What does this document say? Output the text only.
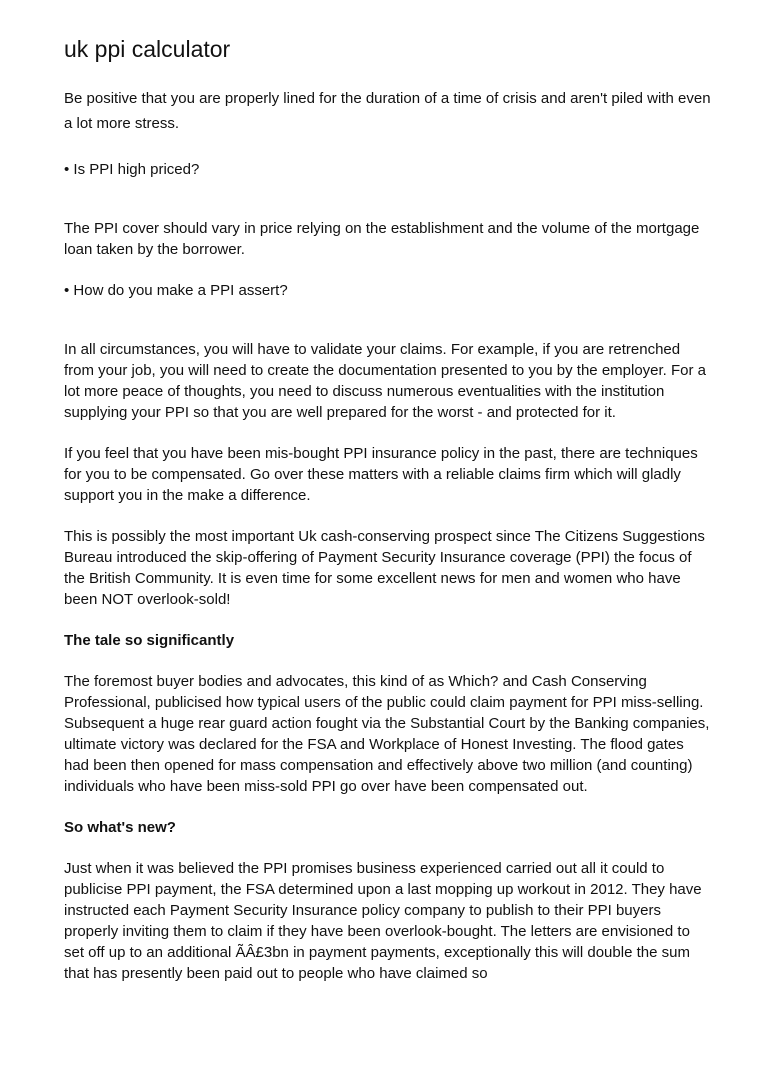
uk ppi calculator

Be positive that you are properly lined for the duration of a time of crisis and aren't piled with even a lot more stress.

• Is PPI high priced?

The PPI cover should vary in price relying on the establishment and the volume of the mortgage loan taken by the borrower.

• How do you make a PPI assert?

In all circumstances, you will have to validate your claims. For example, if you are retrenched from your job, you will need to create the documentation presented to you by the employer. For a lot more peace of thoughts, you need to discuss numerous eventualities with the institution supplying your PPI so that you are well prepared for the worst - and protected for it.

If you feel that you have been mis-bought PPI insurance policy in the past, there are techniques for you to be compensated. Go over these matters with a reliable claims firm which will gladly support you in the make a difference.

This is possibly the most important Uk cash-conserving prospect since The Citizens Suggestions Bureau introduced the skip-offering of Payment Security Insurance coverage (PPI) the focus of the British Community. It is even time for some excellent news for men and women who have been NOT overlook-sold!

The tale so significantly

The foremost buyer bodies and advocates, this kind of as Which? and Cash Conserving Professional, publicised how typical users of the public could claim payment for PPI miss-selling. Subsequent a huge rear guard action fought via the Substantial Court by the Banking companies, ultimate victory was declared for the FSA and Workplace of Honest Investing. The flood gates had been then opened for mass compensation and effectively above two million (and counting) individuals who have been miss-sold PPI go over have been compensated out.

So what's new?

Just when it was believed the PPI promises business experienced carried out all it could to publicise PPI payment, the FSA determined upon a last mopping up workout in 2012. They have instructed each Payment Security Insurance policy company to publish to their PPI buyers properly inviting them to claim if they have been overlook-bought. The letters are envisioned to set off up to an additional ÃÂ£3bn in payment payments, exceptionally this will double the sum that has presently been paid out to people who have claimed so
